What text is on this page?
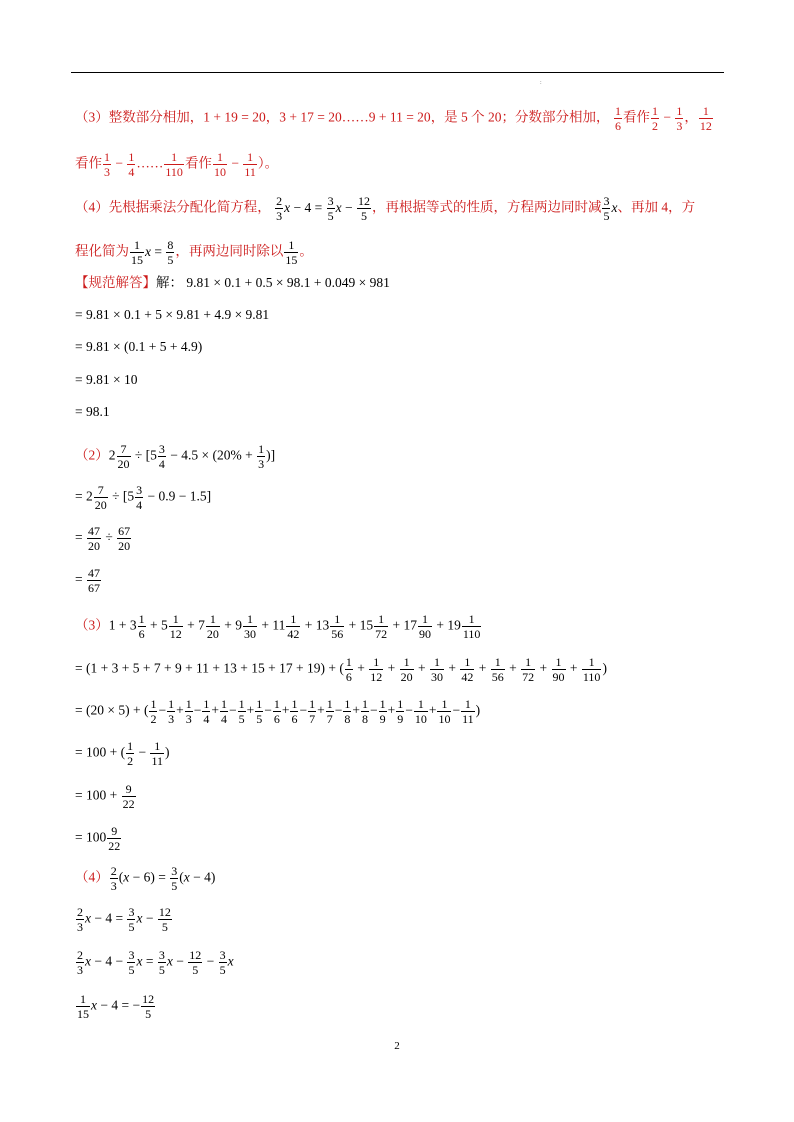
:
（3）整数部分相加，1 + 19 = 20，3 + 17 = 20……9 + 11 = 20，是 5 个 20；分数部分相加， $\frac{1}{6}$ 看作 $\frac{1}{2} - \frac{1}{3}$ ， $\frac{1}{12}$
看作 $\frac{1}{3} - \frac{1}{4}$ …… $\frac{1}{110}$ 看作 $\frac{1}{10} - \frac{1}{11}$ ）。
（4）先根据乘法分配化简方程， $\frac{2}{3}$ $x - 4 = \frac{3}{5}$ $x - \frac{12}{5}$ ，再根据等式的性质，方程两边同时减 $\frac{3}{5}$ x、再加 4，方
程化简为 $\frac{1}{15}$ $x = \frac{8}{5}$ ，再两边同时除以 $\frac{1}{15}$ 。
【规范解答】解： 9.81 × 0.1 + 0.5 × 98.1 + 0.049 × 981
= 9.81 × 0.1 + 5 × 9.81 + 4.9 × 9.81
= 9.81 × (0.1 + 5 + 4.9)
= 9.81 × 10
= 98.1
$(2)2 \frac{7}{20} \div [5 \frac{3}{4} - 4.5 \times (20\% + \frac{1}{3}$ )]
= $2 \frac{7}{20} \div [5 \frac{3}{4} - 0.9 - 1.5]$
= $\frac{47}{20} \div \frac{67}{20}$
= $\frac{47}{67}$
$(3)1 + 3 \frac{1}{6} + 5 \frac{1}{12} + 7 \frac{1}{20} + 9 \frac{1}{30} + 11 \frac{1}{42} + 13 \frac{1}{56} + 15 \frac{1}{72} + 17 \frac{1}{90} + 19 \frac{1}{110}$
= (1 + 3 + 5 + 7 + 9 + 11 + 13 + 15 + 17 + 19) + ( $\frac{1}{6} + \frac{1}{12} + \frac{1}{20} + \frac{1}{30} + \frac{1}{42} + \frac{1}{56} + \frac{1}{72} + \frac{1}{90} + \frac{1}{110}$ )
= (20 × 5) + ( $\frac{1}{2} - \frac{1}{3} + \frac{1}{3} - \frac{1}{4} + \frac{1}{4} - \frac{1}{5} + \frac{1}{5} - \frac{1}{6} + \frac{1}{6} - \frac{1}{7} + \frac{1}{7} - \frac{1}{8} + \frac{1}{8} - \frac{1}{9} + \frac{1}{9} - \frac{1}{10} + \frac{1}{10} - \frac{1}{11}$ )
= 100 + ( $\frac{1}{2} - \frac{1}{11}$ )
= $100 + \frac{9}{22}$
= $100 \frac{9}{22}$
$(4) \frac{2}{3} (x - 6) = \frac{3}{5} (x - 4)$
$\frac{2}{3}$ $x - 4 = \frac{3}{5}$ $x - \frac{12}{5}$
$\frac{2}{3}$ $x - 4 - \frac{3}{5}$ $x = \frac{3}{5}$ $x - \frac{12}{5} - \frac{3}{5}$ x
$\frac{1}{15}$ x − 4 = − $\frac{12}{5}$
2
